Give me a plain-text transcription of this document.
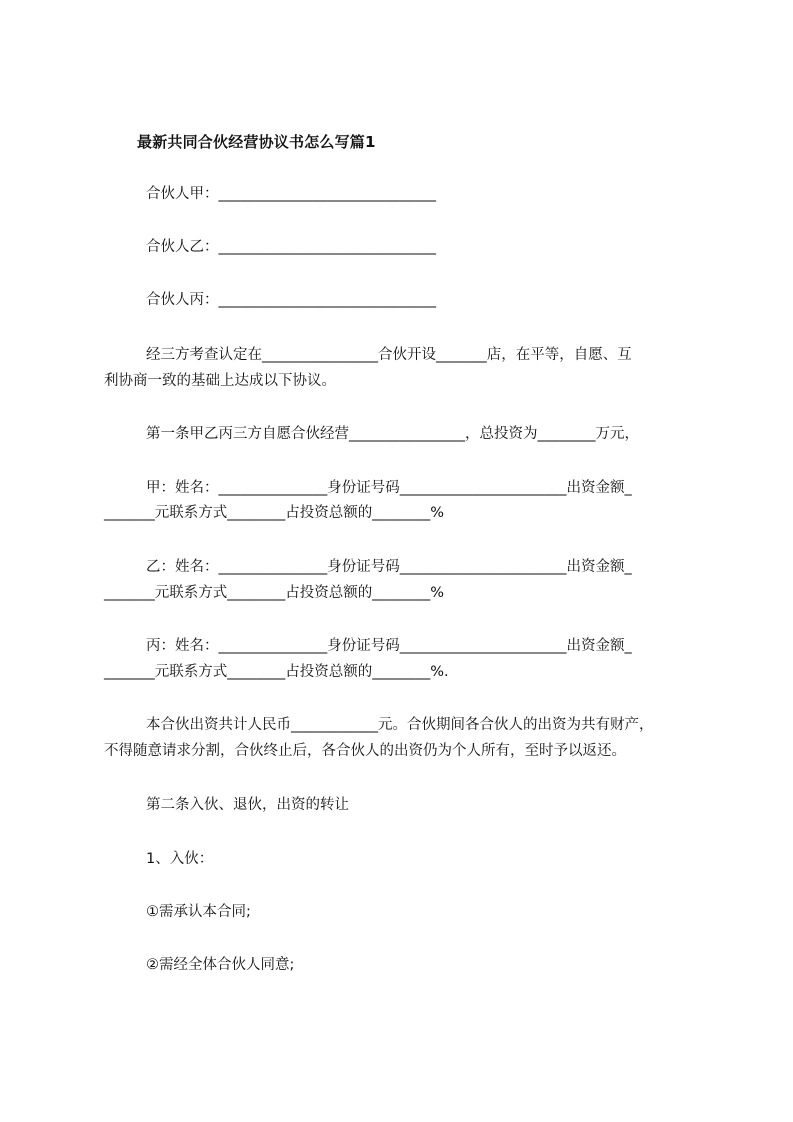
最新共同合伙经营协议书怎么写篇1
合伙人甲：______________________________
合伙人乙：______________________________
合伙人丙：______________________________
经三方考查认定在________________合伙开设_______店，在平等，自愿、互
利协商一致的基础上达成以下协议。
第一条甲乙丙三方自愿合伙经营________________，总投资为________万元，
甲：姓名：_______________身份证号码_______________________出资金额_
_______元联系方式________占投资总额的________%
乙：姓名：_______________身份证号码_______________________出资金额_
_______元联系方式________占投资总额的________%
丙：姓名：_______________身份证号码_______________________出资金额_
_______元联系方式________占投资总额的________%.
本合伙出资共计人民币____________元。合伙期间各合伙人的出资为共有财产，
不得随意请求分割，合伙终止后，各合伙人的出资仍为个人所有，至时予以返还。
第二条入伙、退伙，出资的转让
1、入伙：
①需承认本合同;
②需经全体合伙人同意;
